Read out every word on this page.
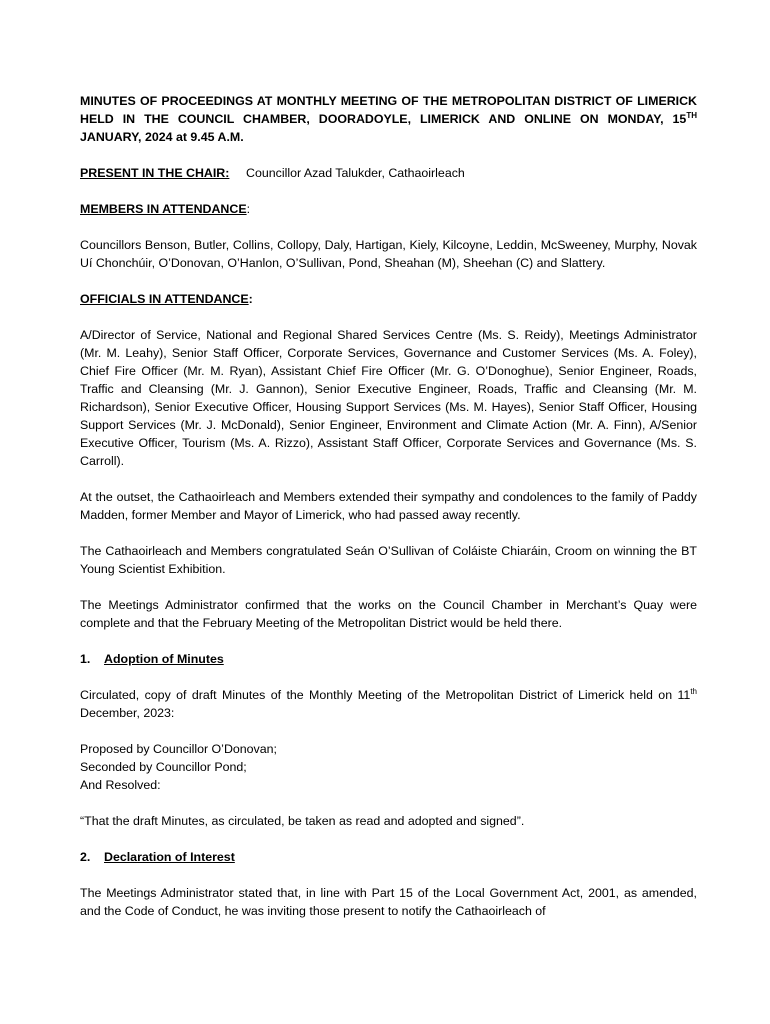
MINUTES OF PROCEEDINGS AT MONTHLY MEETING OF THE METROPOLITAN DISTRICT OF LIMERICK HELD IN THE COUNCIL CHAMBER, DOORADOYLE, LIMERICK AND ONLINE ON MONDAY, 15TH JANUARY, 2024 at 9.45 A.M.

PRESENT IN THE CHAIR: Councillor Azad Talukder, Cathaoirleach

MEMBERS IN ATTENDANCE:

Councillors Benson, Butler, Collins, Collopy, Daly, Hartigan, Kiely, Kilcoyne, Leddin, McSweeney, Murphy, Novak Uí Chonchúir, O’Donovan, O’Hanlon, O’Sullivan, Pond, Sheahan (M), Sheehan (C) and Slattery.

OFFICIALS IN ATTENDANCE:

A/Director of Service, National and Regional Shared Services Centre (Ms. S. Reidy), Meetings Administrator (Mr. M. Leahy), Senior Staff Officer, Corporate Services, Governance and Customer Services (Ms. A. Foley), Chief Fire Officer (Mr. M. Ryan), Assistant Chief Fire Officer (Mr. G. O’Donoghue), Senior Engineer, Roads, Traffic and Cleansing (Mr. J. Gannon), Senior Executive Engineer, Roads, Traffic and Cleansing (Mr. M. Richardson), Senior Executive Officer, Housing Support Services (Ms. M. Hayes), Senior Staff Officer, Housing Support Services (Mr. J. McDonald), Senior Engineer, Environment and Climate Action (Mr. A. Finn), A/Senior Executive Officer, Tourism (Ms. A. Rizzo), Assistant Staff Officer, Corporate Services and Governance (Ms. S. Carroll).

At the outset, the Cathaoirleach and Members extended their sympathy and condolences to the family of Paddy Madden, former Member and Mayor of Limerick, who had passed away recently.

The Cathaoirleach and Members congratulated Seán O’Sullivan of Coláiste Chiaráin, Croom on winning the BT Young Scientist Exhibition.

The Meetings Administrator confirmed that the works on the Council Chamber in Merchant’s Quay were complete and that the February Meeting of the Metropolitan District would be held there.

1. Adoption of Minutes

Circulated, copy of draft Minutes of the Monthly Meeting of the Metropolitan District of Limerick held on 11th December, 2023:

Proposed by Councillor O’Donovan;

Seconded by Councillor Pond;

And Resolved:

“That the draft Minutes, as circulated, be taken as read and adopted and signed”.

2. Declaration of Interest

The Meetings Administrator stated that, in line with Part 15 of the Local Government Act, 2001, as amended, and the Code of Conduct, he was inviting those present to notify the Cathaoirleach of
